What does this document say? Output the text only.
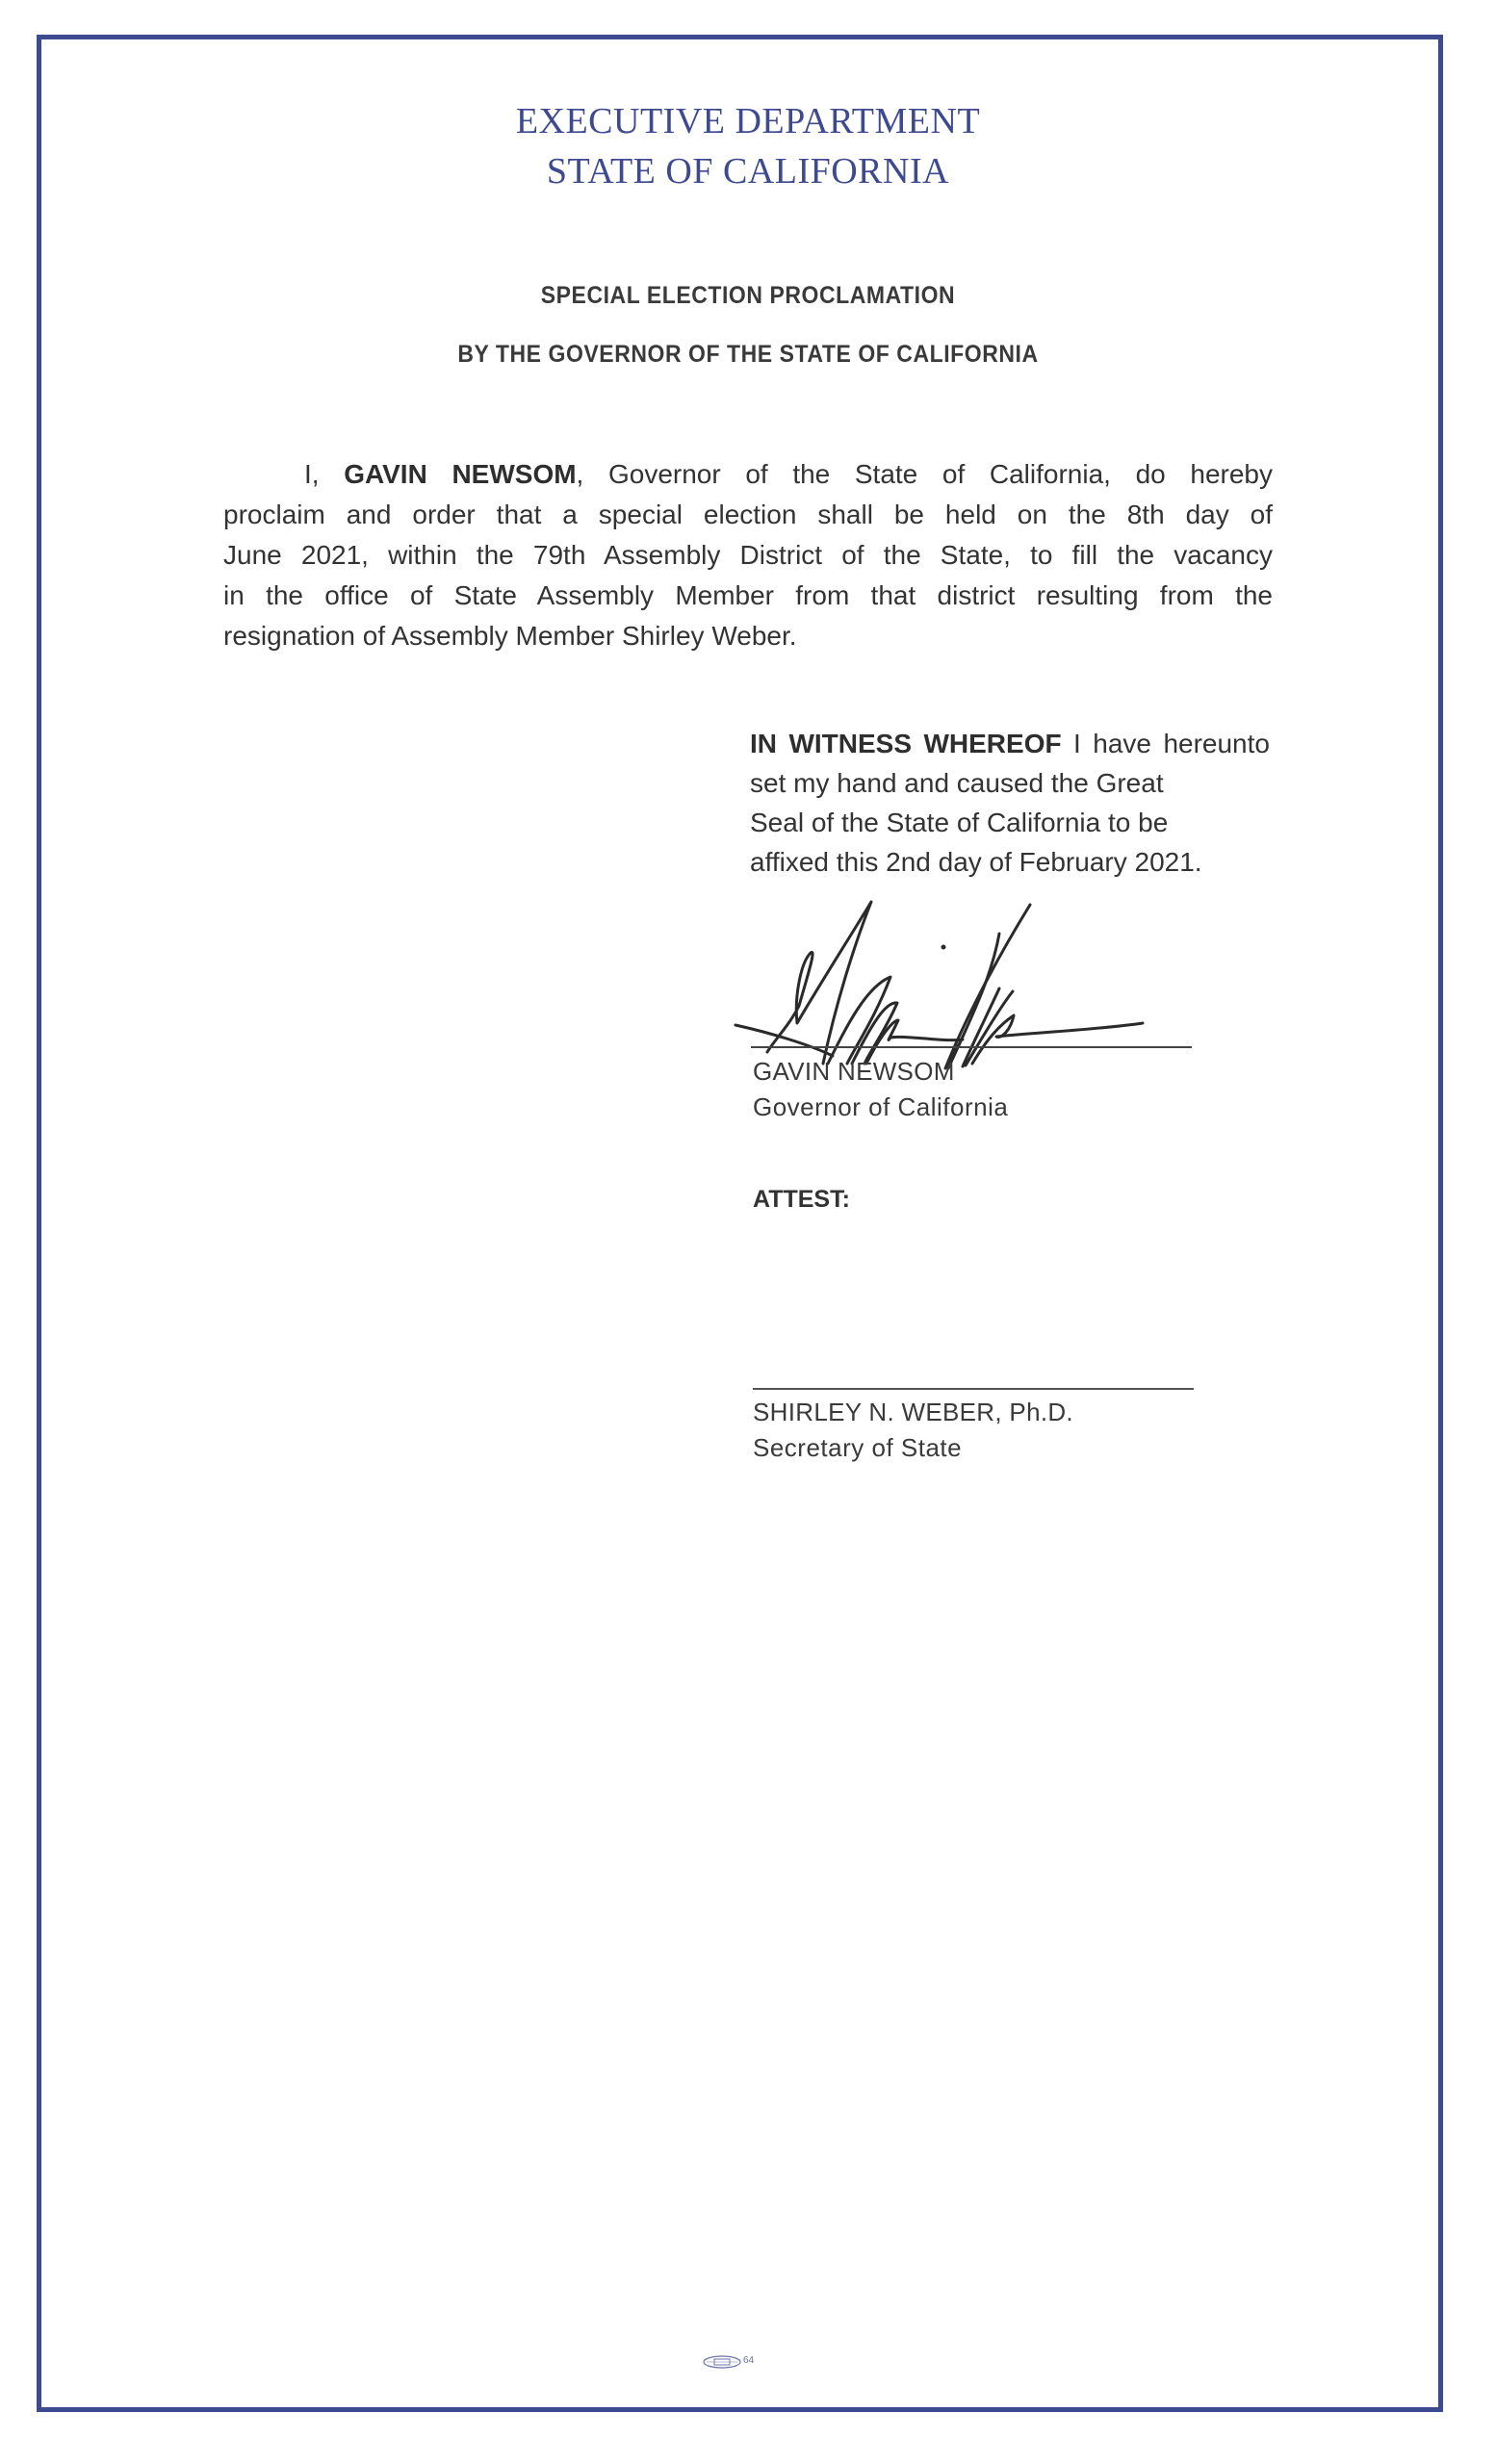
EXECUTIVE DEPARTMENT
STATE OF CALIFORNIA
SPECIAL ELECTION PROCLAMATION
BY THE GOVERNOR OF THE STATE OF CALIFORNIA
I, GAVIN NEWSOM, Governor of the State of California, do hereby
proclaim and order that a special election shall be held on the 8th day of
June 2021, within the 79th Assembly District of the State, to fill the vacancy
in the office of State Assembly Member from that district resulting from the
resignation of Assembly Member Shirley Weber.
IN WITNESS WHEREOF I have hereunto
set my hand and caused the Great
Seal of the State of California to be
affixed this 2nd day of February 2021.
GAVIN NEWSOM
Governor of California
ATTEST:
SHIRLEY N. WEBER, Ph.D.
Secretary of State
64
